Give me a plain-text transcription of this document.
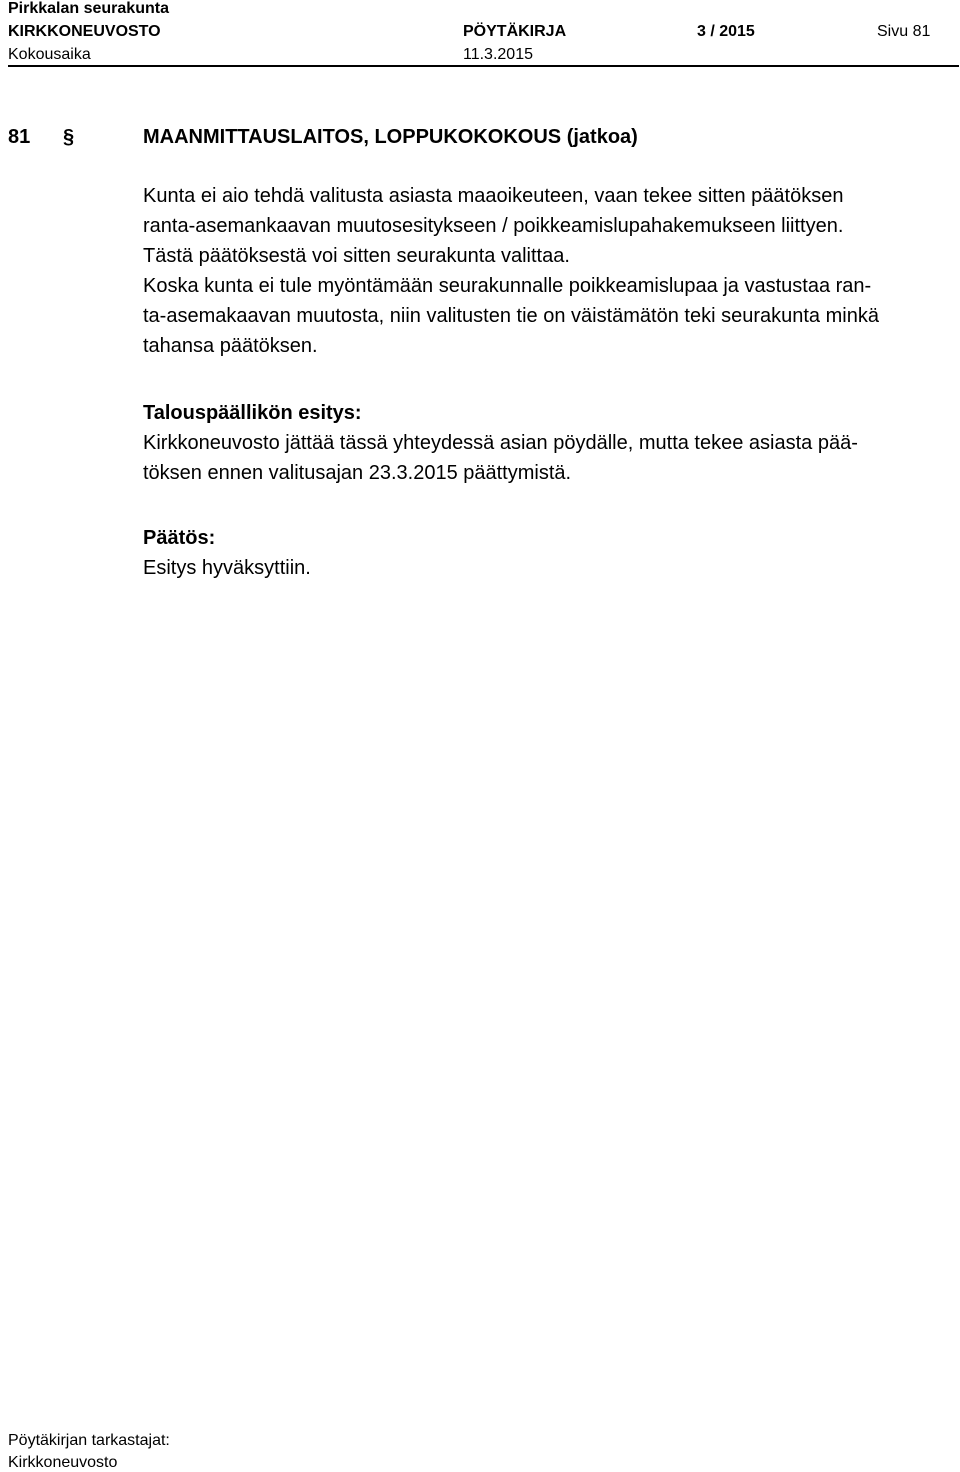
Pirkkalan seurakunta
KIRKKONEUVOSTO	PÖYTÄKIRJA	3 / 2015	Sivu 81
Kokousaika	11.3.2015
81 §	MAANMITTAUSLAITOS, LOPPUKOKOKOUS (jatkoa)

Kunta ei aio tehdä valitusta asiasta maaoikeuteen, vaan tekee sitten päätöksen

ranta-asemankaavan muutosesitykseen / poikkeamislupahakemukseen liittyen.

Tästä päätöksestä voi sitten seurakunta valittaa.

Koska kunta ei tule myöntämään seurakunnalle poikkeamislupaa ja vastustaa ran-

ta-asemakaavan muutosta, niin valitusten tie on väistämätön teki seurakunta minkä

tahansa päätöksen.

Talouspäällikön esitys:

Kirkkoneuvosto jättää tässä yhteydessä asian pöydälle, mutta tekee asiasta pää-

töksen ennen valitusajan 23.3.2015 päättymistä.

Päätös:

Esitys hyväksyttiin.

Pöytäkirjan tarkastajat:
Kirkkoneuvosto
